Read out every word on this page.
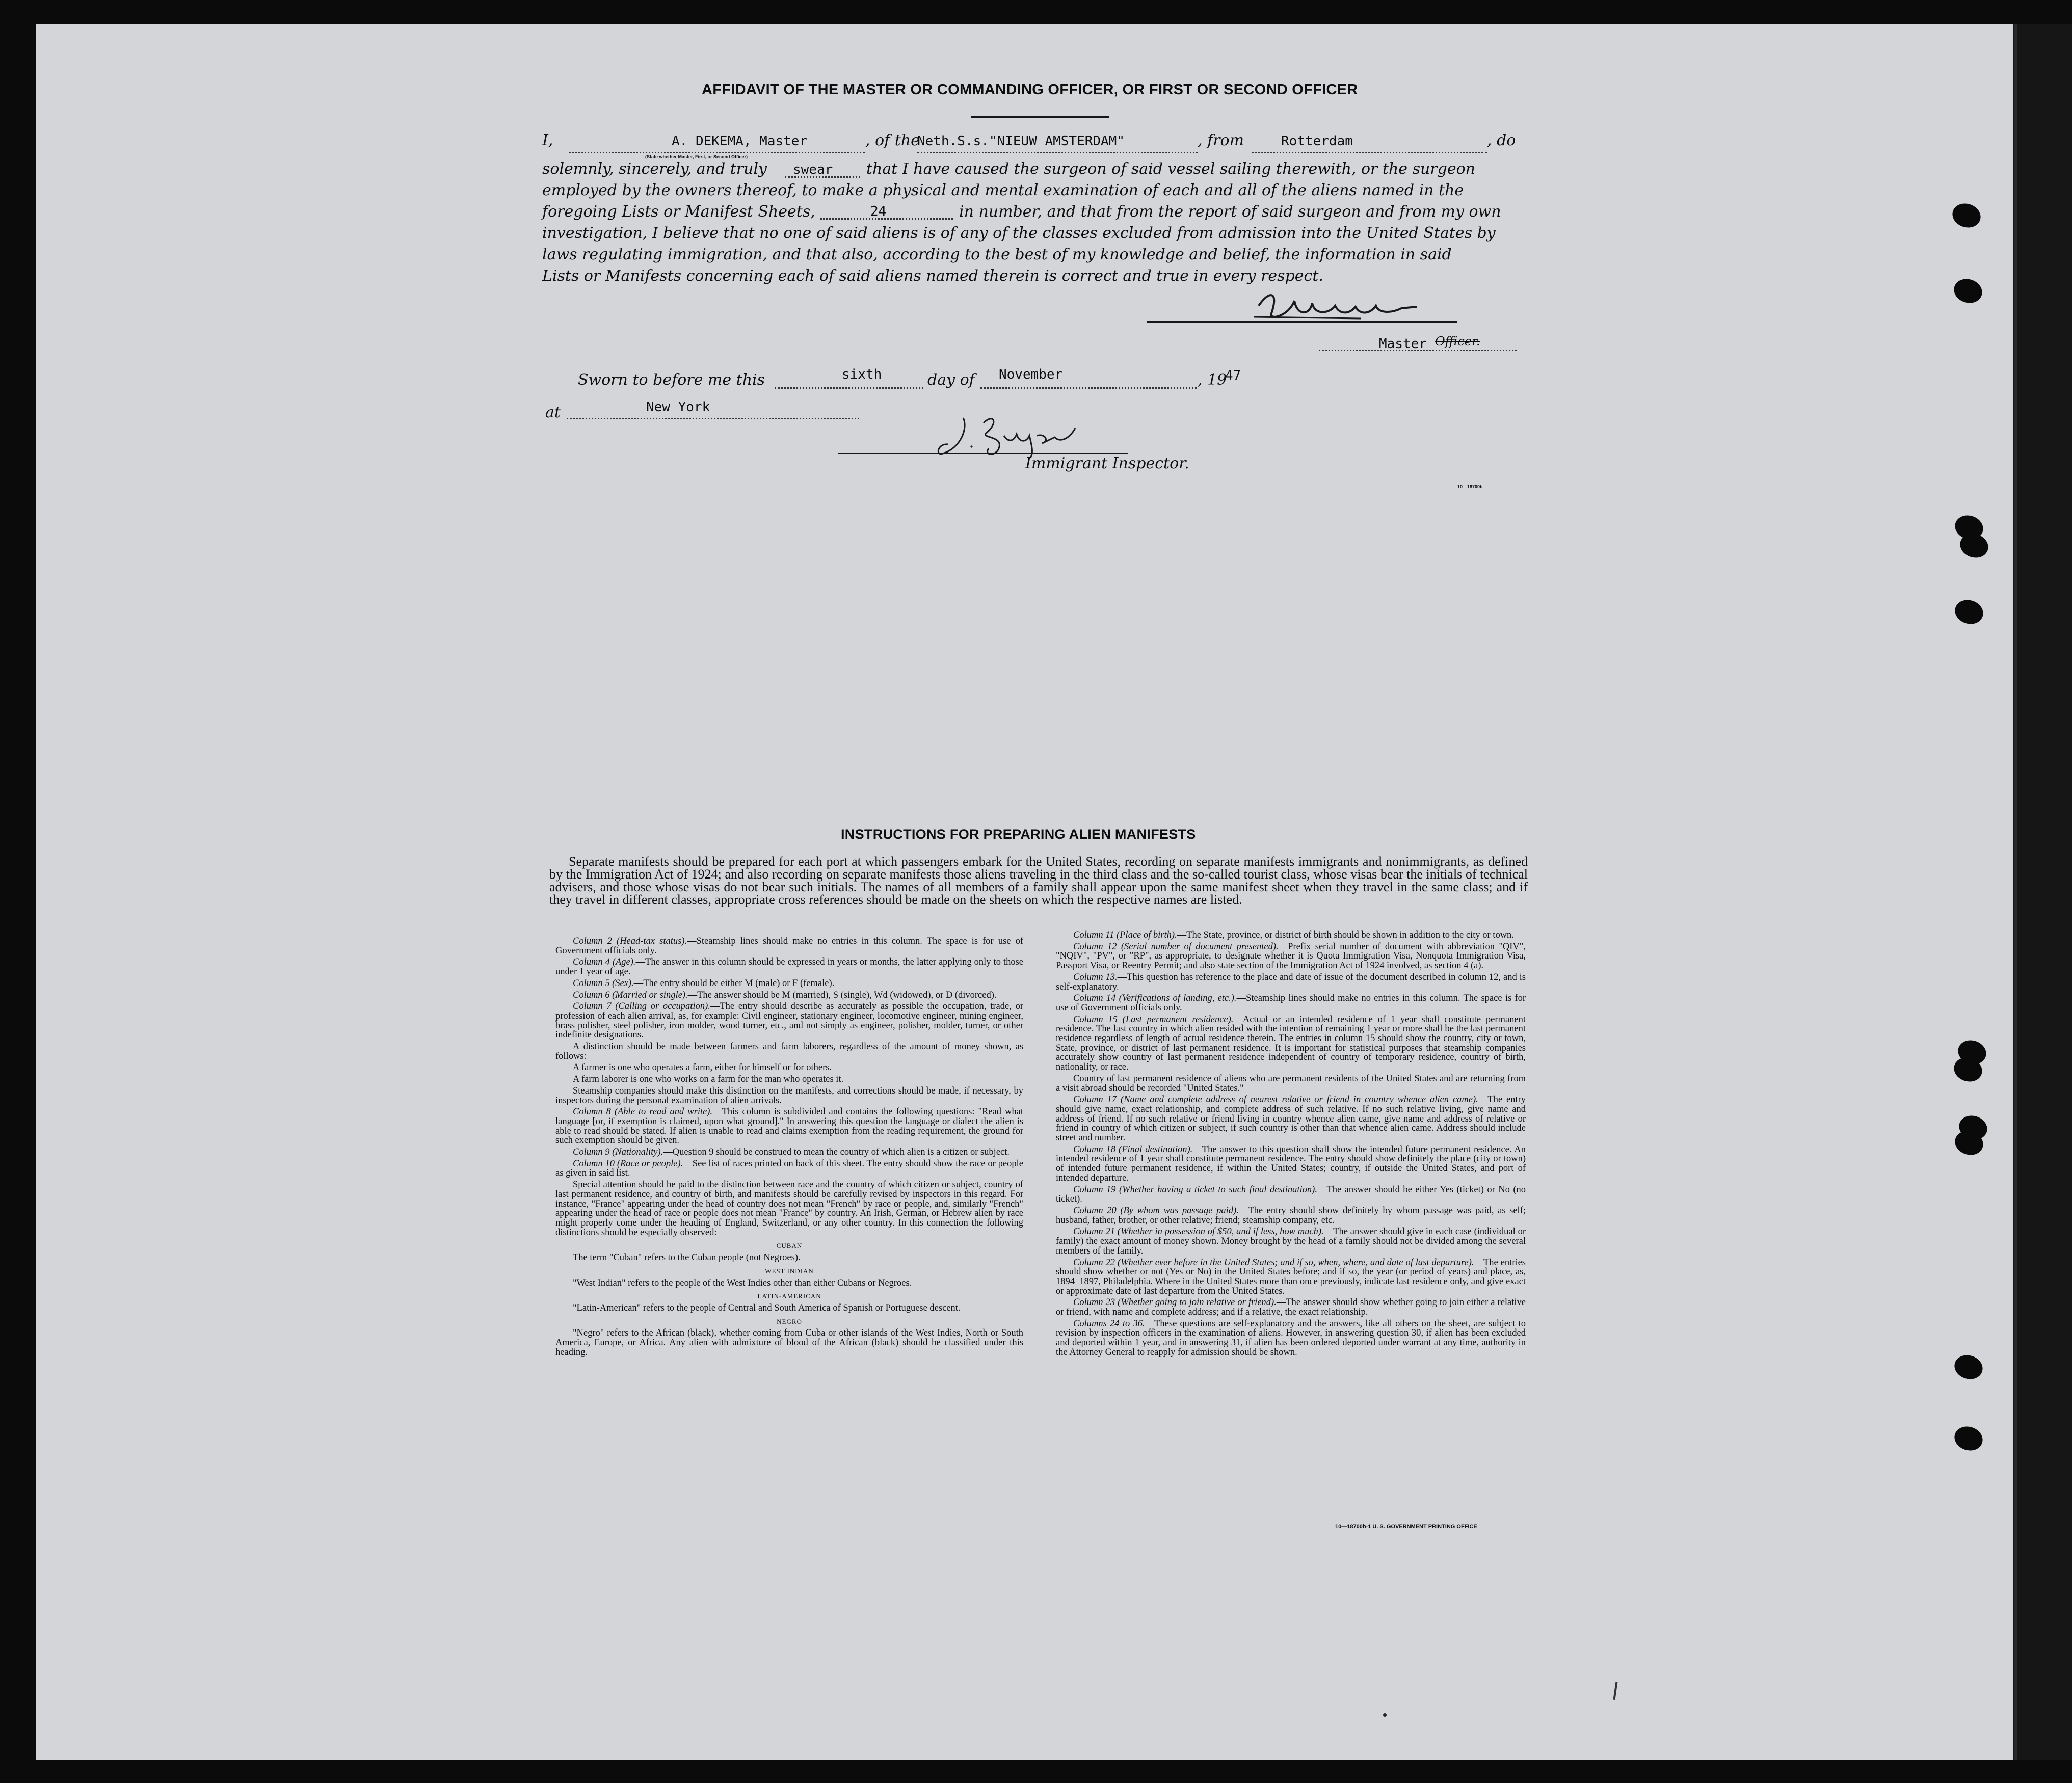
AFFIDAVIT OF THE MASTER OR COMMANDING OFFICER, OR FIRST OR SECOND OFFICER
I,	A. DEKEMA, Master
(State whether Master, First, or Second Officer)
, of the
Neth.S.s."NIEUW AMSTERDAM"	, from	Rotterdam	, do
solemnly, sincerely, and truly swear that I have caused the surgeon of said vessel sailing therewith, or the surgeon
employed by the owners thereof, to make a physical and mental examination of each and all of the aliens named in the
foregoing Lists or Manifest Sheets,	24	in number, and that from the report of said surgeon and from my own
investigation, I believe that no one of said aliens is of any of the classes excluded from admission into the United States by
laws regulating immigration, and that also, according to the best of my knowledge and belief, the information in said
Lists or Manifests concerning each of said aliens named therein is correct and true in every respect.
Master Officer.
Sworn to before me this	sixth	day of November	, 19
47
at	New York
Immigrant Inspector.
10—18700b
INSTRUCTIONS FOR PREPARING ALIEN MANIFESTS
Separate manifests should be prepared for each port at which passengers embark for the United States, recording on separate manifests immigrants and nonimmigrants, as defined by the Immigration Act of 1924; and also recording on separate manifests those aliens traveling in the third class and the so-called tourist class, whose visas bear the initials of technical advisers, and those whose visas do not bear such initials. The names of all members of a family shall appear upon the same manifest sheet when they travel in the same class; and if they travel in different classes, appropriate cross references should be made on the sheets on which the respective names are listed.

Column 2 (Head-tax status).—Steamship lines should make no entries in this column. The space is for use of Government officials only.

Column 4 (Age).—The answer in this column should be expressed in years or months, the latter applying only to those under 1 year of age.

Column 5 (Sex).—The entry should be either M (male) or F (female).

Column 6 (Married or single).—The answer should be M (married), S (single), Wd (widowed), or D (divorced).

Column 7 (Calling or occupation).—The entry should describe as accurately as possible the occupation, trade, or profession of each alien arrival, as, for example: Civil engineer, stationary engineer, locomotive engineer, mining engineer, brass polisher, steel polisher, iron molder, wood turner, etc., and not simply as engineer, polisher, molder, turner, or other indefinite designations.

A distinction should be made between farmers and farm laborers, regardless of the amount of money shown, as follows:

A farmer is one who operates a farm, either for himself or for others.

A farm laborer is one who works on a farm for the man who operates it.

Steamship companies should make this distinction on the manifests, and corrections should be made, if necessary, by inspectors during the personal examination of alien arrivals.

Column 8 (Able to read and write).—This column is subdivided and contains the following questions: "Read what language [or, if exemption is claimed, upon what ground]." In answering this question the language or dialect the alien is able to read should be stated. If alien is unable to read and claims exemption from the reading requirement, the ground for such exemption should be given.

Column 9 (Nationality).—Question 9 should be construed to mean the country of which alien is a citizen or subject.

Column 10 (Race or people).—See list of races printed on back of this sheet. The entry should show the race or people as given in said list.

Special attention should be paid to the distinction between race and the country of which citizen or subject, country of last permanent residence, and country of birth, and manifests should be carefully revised by inspectors in this regard. For instance, "France" appearing under the head of country does not mean "French" by race or people, and, similarly "French" appearing under the head of race or people does not mean "France" by country. An Irish, German, or Hebrew alien by race might properly come under the heading of England, Switzerland, or any other country. In this connection the following distinctions should be especially observed:

CUBAN

The term "Cuban" refers to the Cuban people (not Negroes).

WEST INDIAN

"West Indian" refers to the people of the West Indies other than either Cubans or Negroes.

LATIN-AMERICAN

"Latin-American" refers to the people of Central and South America of Spanish or Portuguese descent.

NEGRO

"Negro" refers to the African (black), whether coming from Cuba or other islands of the West Indies, North or South America, Europe, or Africa. Any alien with admixture of blood of the African (black) should be classified under this heading.

Column 11 (Place of birth).—The State, province, or district of birth should be shown in addition to the city or town.

Column 12 (Serial number of document presented).—Prefix serial number of document with abbreviation "QIV", "NQIV", "PV", or "RP", as appropriate, to designate whether it is Quota Immigration Visa, Nonquota Immigration Visa, Passport Visa, or Reentry Permit; and also state section of the Immigration Act of 1924 involved, as section 4 (a).

Column 13.—This question has reference to the place and date of issue of the document described in column 12, and is self-explanatory.

Column 14 (Verifications of landing, etc.).—Steamship lines should make no entries in this column. The space is for use of Government officials only.

Column 15 (Last permanent residence).—Actual or an intended residence of 1 year shall constitute permanent residence. The last country in which alien resided with the intention of remaining 1 year or more shall be the last permanent residence regardless of length of actual residence therein. The entries in column 15 should show the country, city or town, State, province, or district of last permanent residence. It is important for statistical purposes that steamship companies accurately show country of last permanent residence independent of country of temporary residence, country of birth, nationality, or race.

Country of last permanent residence of aliens who are permanent residents of the United States and are returning from a visit abroad should be recorded "United States."

Column 17 (Name and complete address of nearest relative or friend in country whence alien came).—The entry should give name, exact relationship, and complete address of such relative. If no such relative living, give name and address of friend. If no such relative or friend living in country whence alien came, give name and address of relative or friend in country of which citizen or subject, if such country is other than that whence alien came. Address should include street and number.

Column 18 (Final destination).—The answer to this question shall show the intended future permanent residence. An intended residence of 1 year shall constitute permanent residence. The entry should show definitely the place (city or town) of intended future permanent residence, if within the United States; country, if outside the United States, and port of intended departure.

Column 19 (Whether having a ticket to such final destination).—The answer should be either Yes (ticket) or No (no ticket).

Column 20 (By whom was passage paid).—The entry should show definitely by whom passage was paid, as self; husband, father, brother, or other relative; friend; steamship company, etc.

Column 21 (Whether in possession of $50, and if less, how much).—The answer should give in each case (individual or family) the exact amount of money shown. Money brought by the head of a family should not be divided among the several members of the family.

Column 22 (Whether ever before in the United States; and if so, when, where, and date of last departure).—The entries should show whether or not (Yes or No) in the United States before; and if so, the year (or period of years) and place, as, 1894–1897, Philadelphia. Where in the United States more than once previously, indicate last residence only, and give exact or approximate date of last departure from the United States.

Column 23 (Whether going to join relative or friend).—The answer should show whether going to join either a relative or friend, with name and complete address; and if a relative, the exact relationship.

Columns 24 to 36.—These questions are self-explanatory and the answers, like all others on the sheet, are subject to revision by inspection officers in the examination of aliens. However, in answering question 30, if alien has been excluded and deported within 1 year, and in answering 31, if alien has been ordered deported under warrant at any time, authority in the Attorney General to reapply for admission should be shown.

10—18700b-1 U. S. GOVERNMENT PRINTING OFFICE
